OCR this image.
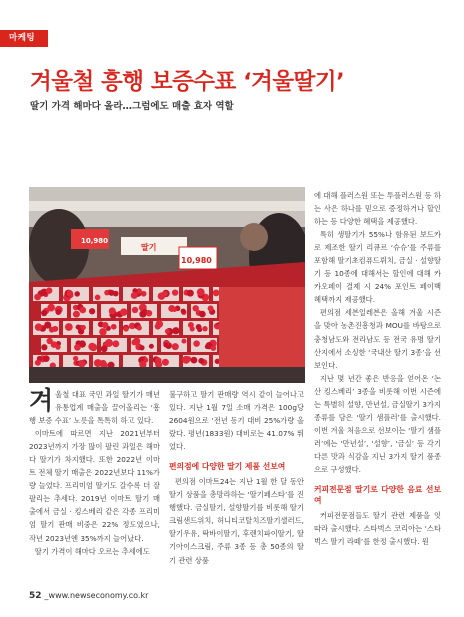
마케팅
겨울철 흥행 보증수표 ‘겨울딸기’
딸기 가격 해마다 올라…그럼에도 매출 효자 역할
10,980
딸기
10,980

에 대해 플러스원 또는 투플러스원 등 하는 사은 하나를 믿으로 증정하거나 할인하는 등 다양한 혜택을 제공했다.

특히 생딸기가 55%나 함유된 보드카로 제조한 딸기 리큐르 ‘슈슈’를 주류를 포함해 딸기초컴퓨드뤼치, 금실 · 설향딸기 등 10종에 대해서는 할인에 대해 카카오페이 결제 시 24% 포인트 페이백 혜택까지 제공했다.

편의점 세븐일레븐은 올해 겨울 시즌을 맞아 농촌진흥청과 MOU를 바탕으로 충청남도와 전라남도 등 전국 유명 딸기 산지에서 소싱한 ‘국내산 딸기 3종’을 선보인다.

지난 몇 년간 좋은 반응을 얻어온 ‘논산 킹스베리’ 3종을 비롯해 이번 시즌에는 특별히 설향, 만년설, 금실딸기 3가지 종류를 담은 ‘딸기 샘플러’를 출시했다. 이번 겨울 처음으로 선보이는 ‘딸기 샘플러’에는 ‘만년설’, ‘설향’, ‘금실’ 등 각기 다른 맛과 식감을 지닌 3가지 딸기 품종으로 구성했다.

커피전문점 딸기로 다양한 음료 선보여

커피전문점들도 딸기 관련 제품을 잇따라 출시했다. 스타벅스 코리아는 ‘스타벅스 딸기 라떼’를 한정 출시했다. 원

겨울철 대표 국민 과일 딸기가 매년 유통업계 매출을 끌어올리는 ‘흥행 보증 수표’ 노릇을 톡톡히 하고 있다.

이마트에 따르면 지난 2021년부터 2023년까지 가장 많이 팔린 과일은 해마다 딸기가 차지했다. 또한 2022년 이마트 전체 딸기 매출은 2022년보다 11%가량 늘었다. 프리미엄 딸기도 갈수록 더 잘 팔리는 추세다. 2019년 이마트 딸기 매출에서 금실 · 킹스베리 같은 각종 프리미엄 딸기 판매 비중은 22% 정도였으나, 작년 2023년엔 35%까지 늘어났다.

딸기 가격이 해마다 오르는 추세에도

불구하고 딸기 판매량 역시 같이 늘어나고 있다. 지난 1월 7일 소매 가격은 100g당 2604원으로 ‘전년 동기 대비 25%가량 올랐다. 평년(1833원) 대비로는 41.07% 뛰었다.

편의점에 다양한 딸기 제품 선보여

편의점 이마트24는 지난 1월 한 달 동안 딸기 상품을 총망라하는 ‘딸기페스타’를 진행했다. 금실딸기, 설향딸기를 비롯해 딸기크림샌드위치, 허니티코탈치즈딸기샐러드, 딸기우유, 딱바이딸기, 후렌치파이딸기, 딸기아이스크림, 주류 3종 등 총 50종의 딸기 관련 상품

52 _www.newseconomy.co.kr
